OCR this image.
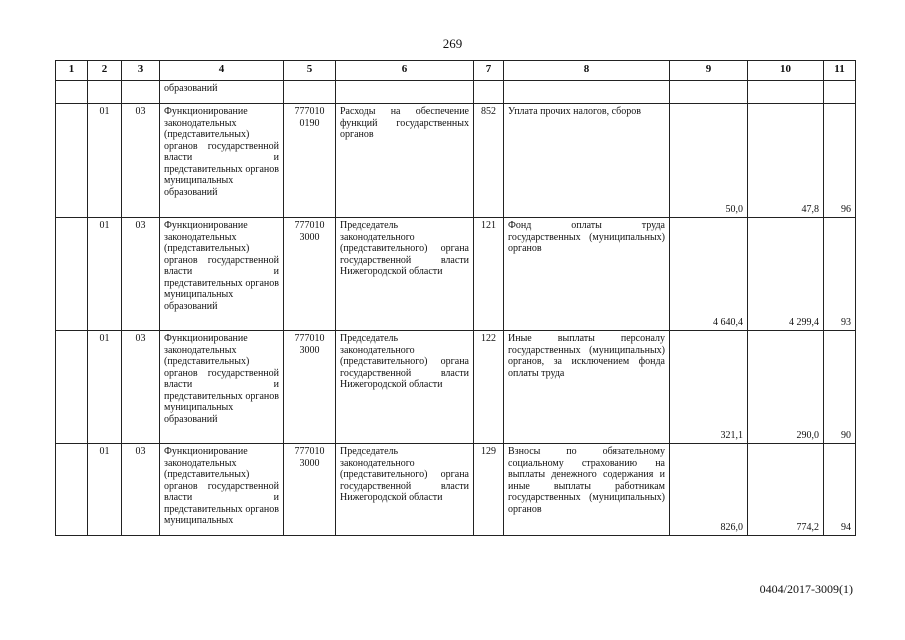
269
1	2	3	4	5	6	7	8	9	10	11
			образований							
	01	03	Функционирование законодательных (представительных) органов государственной власти и представительных органов муниципальных образований	777010 0190	Расходы на обеспечение функций государственных органов	852	Уплата прочих налогов, сборов	50,0	47,8	96
	01	03	Функционирование законодательных (представительных) органов государственной власти и представительных органов муниципальных образований	777010 3000	Председатель законодательного (представительного) органа государственной власти Нижегородской области	121	Фонд оплаты труда государственных (муниципальных) органов	4 640,4	4 299,4	93
	01	03	Функционирование законодательных (представительных) органов государственной власти и представительных органов муниципальных образований	777010 3000	Председатель законодательного (представительного) органа государственной власти Нижегородской области	122	Иные выплаты персоналу государственных (муниципальных) органов, за исключением фонда оплаты труда	321,1	290,0	90
	01	03	Функционирование законодательных (представительных) органов государственной власти и представительных органов муниципальных	777010 3000	Председатель законодательного (представительного) органа государственной власти Нижегородской области	129	Взносы по обязательному социальному страхованию на выплаты денежного содержания и иные выплаты работникам государственных (муниципальных) органов	826,0	774,2	94
0404/2017-3009(1)
